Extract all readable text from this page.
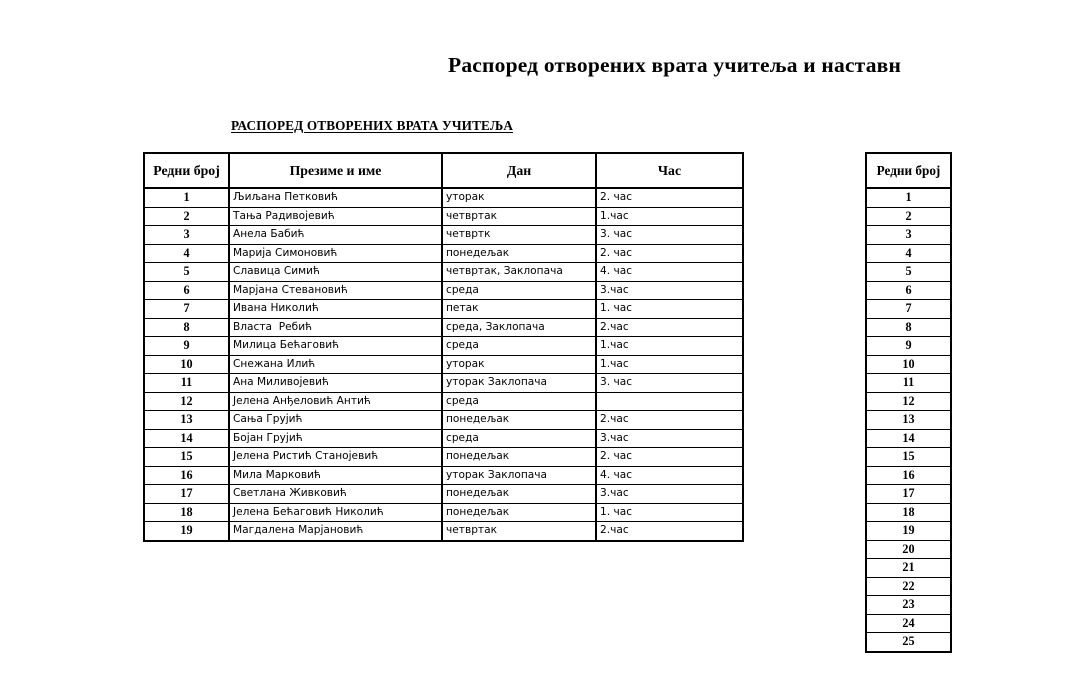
Распоред отворених врата учитеља и наставн
РАСПОРЕД ОТВОРЕНИХ ВРАТА УЧИТЕЉА
Редни број	Презиме и име	Дан	Час
1	Љиљана Петковић	уторак	2. час
2	Тања Радивојевић	четвртак	1.час
3	Анела Бабић	четвртк	3. час
4	Марија Симоновић	понедељак	2. час
5	Славица Симић	четвртак, Заклопача	4. час
6	Марјана Стевановић	среда	3.час
7	Ивана Николић	петак	1. час
8	Власта  Ребић	среда, Заклопача	2.час
9	Милица Бећаговић	среда	1.час
10	Снежана Илић	уторак	1.час
11	Ана Миливојевић	уторак Заклопача	3. час
12	Јелена Анђеловић Антић	среда	
13	Сања Грујић	понедељак	2.час
14	Бојан Грујић	среда	3.час
15	Јелена Ристић Станојевић	понедељак	2. час
16	Мила Марковић	уторак Заклопача	4. час
17	Светлана Живковић	понедељак	3.час
18	Јелена Бећаговић Николић	понедељак	1. час
19	Магдалена Марјановић	четвртак	2.час
Редни број
1
2
3
4
5
6
7
8
9
10
11
12
13
14
15
16
17
18
19
20
21
22
23
24
25
